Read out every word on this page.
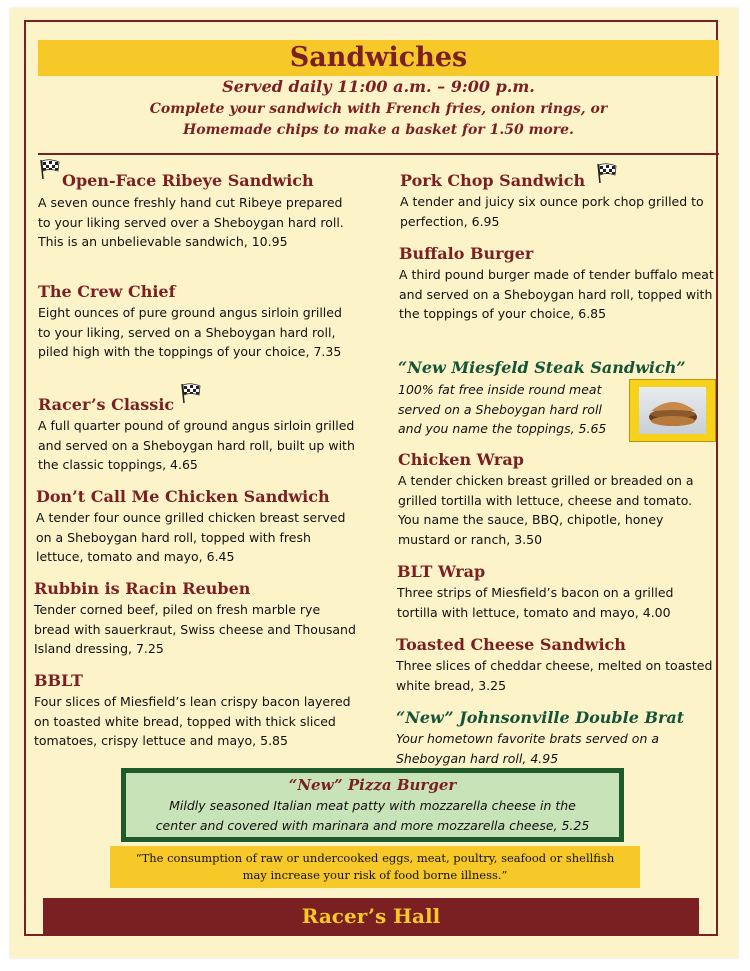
Sandwiches
Served daily 11:00 a.m. – 9:00 p.m.
Complete your sandwich with French fries, onion rings, or
Homemade chips to make a basket for 1.50 more.
Open-Face Ribeye Sandwich

A seven ounce freshly hand cut Ribeye prepared to your liking served over a Sheboygan hard roll. This is an unbelievable sandwich, 10.95

The Crew Chief

Eight ounces of pure ground angus sirloin grilled to your liking, served on a Sheboygan hard roll, piled high with the toppings of your choice, 7.35

Racer’s Classic

A full quarter pound of ground angus sirloin grilled and served on a Sheboygan hard roll, built up with the classic toppings, 4.65

Don’t Call Me Chicken Sandwich

A tender four ounce grilled chicken breast served on a Sheboygan hard roll, topped with fresh lettuce, tomato and mayo, 6.45

Rubbin is Racin Reuben

Tender corned beef, piled on fresh marble rye bread with sauerkraut, Swiss cheese and Thousand Island dressing, 7.25

BBLT

Four slices of Miesfield’s lean crispy bacon layered on toasted white bread, topped with thick sliced tomatoes, crispy lettuce and mayo, 5.85

Pork Chop Sandwich

A tender and juicy six ounce pork chop grilled to perfection, 6.95

Buffalo Burger

A third pound burger made of tender buffalo meat and served on a Sheboygan hard roll, topped with the toppings of your choice, 6.85

“New Miesfeld Steak Sandwich”

100% fat free inside round meat served on a Sheboygan hard roll and you name the toppings, 5.65

Chicken Wrap

A tender chicken breast grilled or breaded on a grilled tortilla with lettuce, cheese and tomato. You name the sauce, BBQ, chipotle, honey mustard or ranch, 3.50

BLT Wrap

Three strips of Miesfield’s bacon on a grilled tortilla with lettuce, tomato and mayo, 4.00

Toasted Cheese Sandwich

Three slices of cheddar cheese, melted on toasted white bread, 3.25

“New” Johnsonville Double Brat

Your hometown favorite brats served on a Sheboygan hard roll, 4.95

“New” Pizza Burger

Mildly seasoned Italian meat patty with mozzarella cheese in the

center and covered with marinara and more mozzarella cheese, 5.25

“The consumption of raw or undercooked eggs, meat, poultry, seafood or shellfish
may increase your risk of food borne illness.”
Racer’s Hall
